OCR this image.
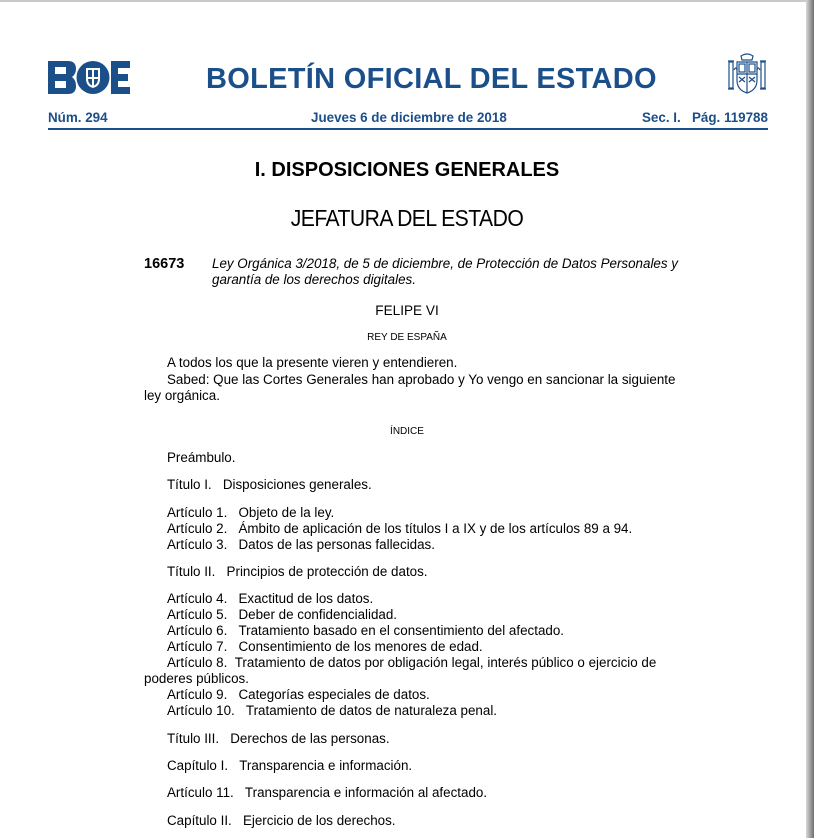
BOLETÍN OFICIAL DEL ESTADO
Núm. 294	Jueves 6 de diciembre de 2018	Sec. I. Pág. 119788
I. DISPOSICIONES GENERALES
JEFATURA DEL ESTADO
16673 Ley Orgánica 3/2018, de 5 de diciembre, de Protección de Datos Personales y garantía de los derechos digitales.
FELIPE VI
REY DE ESPAÑA
A todos los que la presente vieren y entendieren.
Sabed: Que las Cortes Generales han aprobado y Yo vengo en sancionar la siguiente
ley orgánica.
ÍNDICE
Preámbulo.
Título I. Disposiciones generales.
Artículo 1. Objeto de la ley.
Artículo 2. Ámbito de aplicación de los títulos I a IX y de los artículos 89 a 94.
Artículo 3. Datos de las personas fallecidas.
Título II. Principios de protección de datos.
Artículo 4. Exactitud de los datos.
Artículo 5. Deber de confidencialidad.
Artículo 6. Tratamiento basado en el consentimiento del afectado.
Artículo 7. Consentimiento de los menores de edad.
Artículo 8. Tratamiento de datos por obligación legal, interés público o ejercicio de
poderes públicos.
Artículo 9. Categorías especiales de datos.
Artículo 10. Tratamiento de datos de naturaleza penal.
Título III. Derechos de las personas.
Capítulo I. Transparencia e información.
Artículo 11. Transparencia e información al afectado.
Capítulo II. Ejercicio de los derechos.
